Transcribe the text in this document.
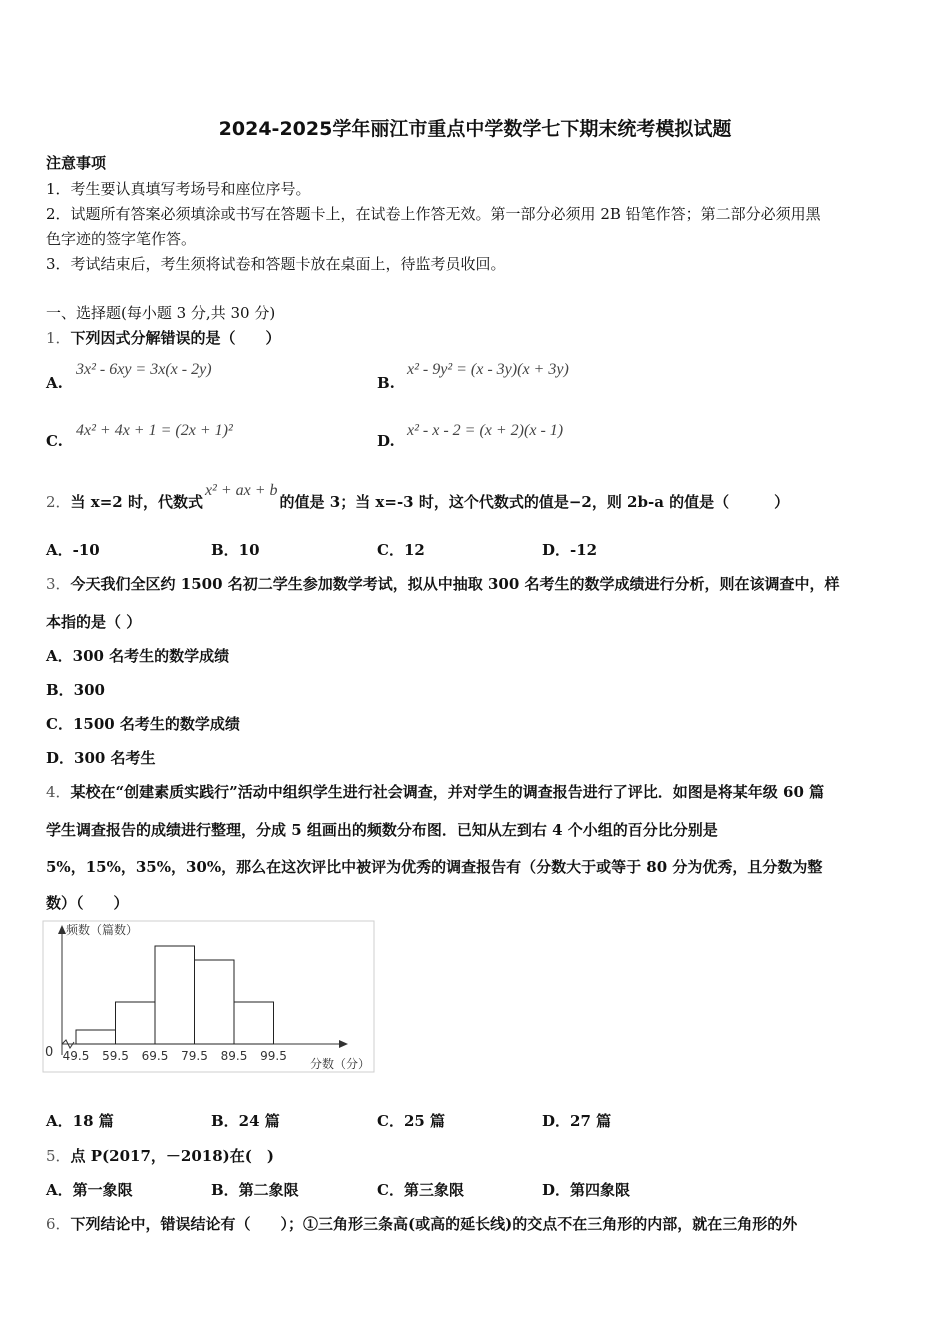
2024-2025学年丽江市重点中学数学七下期末统考模拟试题
注意事项
1．考生要认真填写考场号和座位序号。
2．试题所有答案必须填涂或书写在答题卡上，在试卷上作答无效。第一部分必须用 2B 铅笔作答；第二部分必须用黑
色字迹的签字笔作答。
3．考试结束后，考生须将试卷和答题卡放在桌面上，待监考员收回。
一、选择题(每小题 3 分,共 30 分)
1．下列因式分解错误的是（　　）
A.
3x² - 6xy = 3x(x - 2y)
B.
x² - 9y² = (x - 3y)(x + 3y)
C.
4x² + 4x + 1 = (2x + 1)²
D.
x² - x - 2 = (x + 2)(x - 1)
2．当 x=2 时，代数式x² + ax + b的值是 3；当 x=-3 时，这个代数式的值是−2，则 2b-a 的值是（　　　）
A．-10	B．10	C．12	D．-12
3．今天我们全区约 1500 名初二学生参加数学考试，拟从中抽取 300 名考生的数学成绩进行分析，则在该调查中，样
本指的是（ ）
A．300 名考生的数学成绩
B．300
C．1500 名考生的数学成绩
D．300 名考生
4．某校在“创建素质实践行”活动中组织学生进行社会调查，并对学生的调查报告进行了评比．如图是将某年级 60 篇
学生调查报告的成绩进行整理，分成 5 组画出的频数分布图．已知从左到右 4 个小组的百分比分别是
5%，15%，35%，30%，那么在这次评比中被评为优秀的调查报告有（分数大于或等于 80 分为优秀，且分数为整
数）（　　）
频数（篇数）
0
分数（分）
49.5 59.5 69.5 79.5 89.5 99.5
A．18 篇	B．24 篇	C．25 篇	D．27 篇
5．点 P(2017，－2018)在(　)
A．第一象限	B．第二象限	C．第三象限	D．第四象限
6．下列结论中，错误结论有（　　）；①三角形三条高(或高的延长线)的交点不在三角形的内部，就在三角形的外
